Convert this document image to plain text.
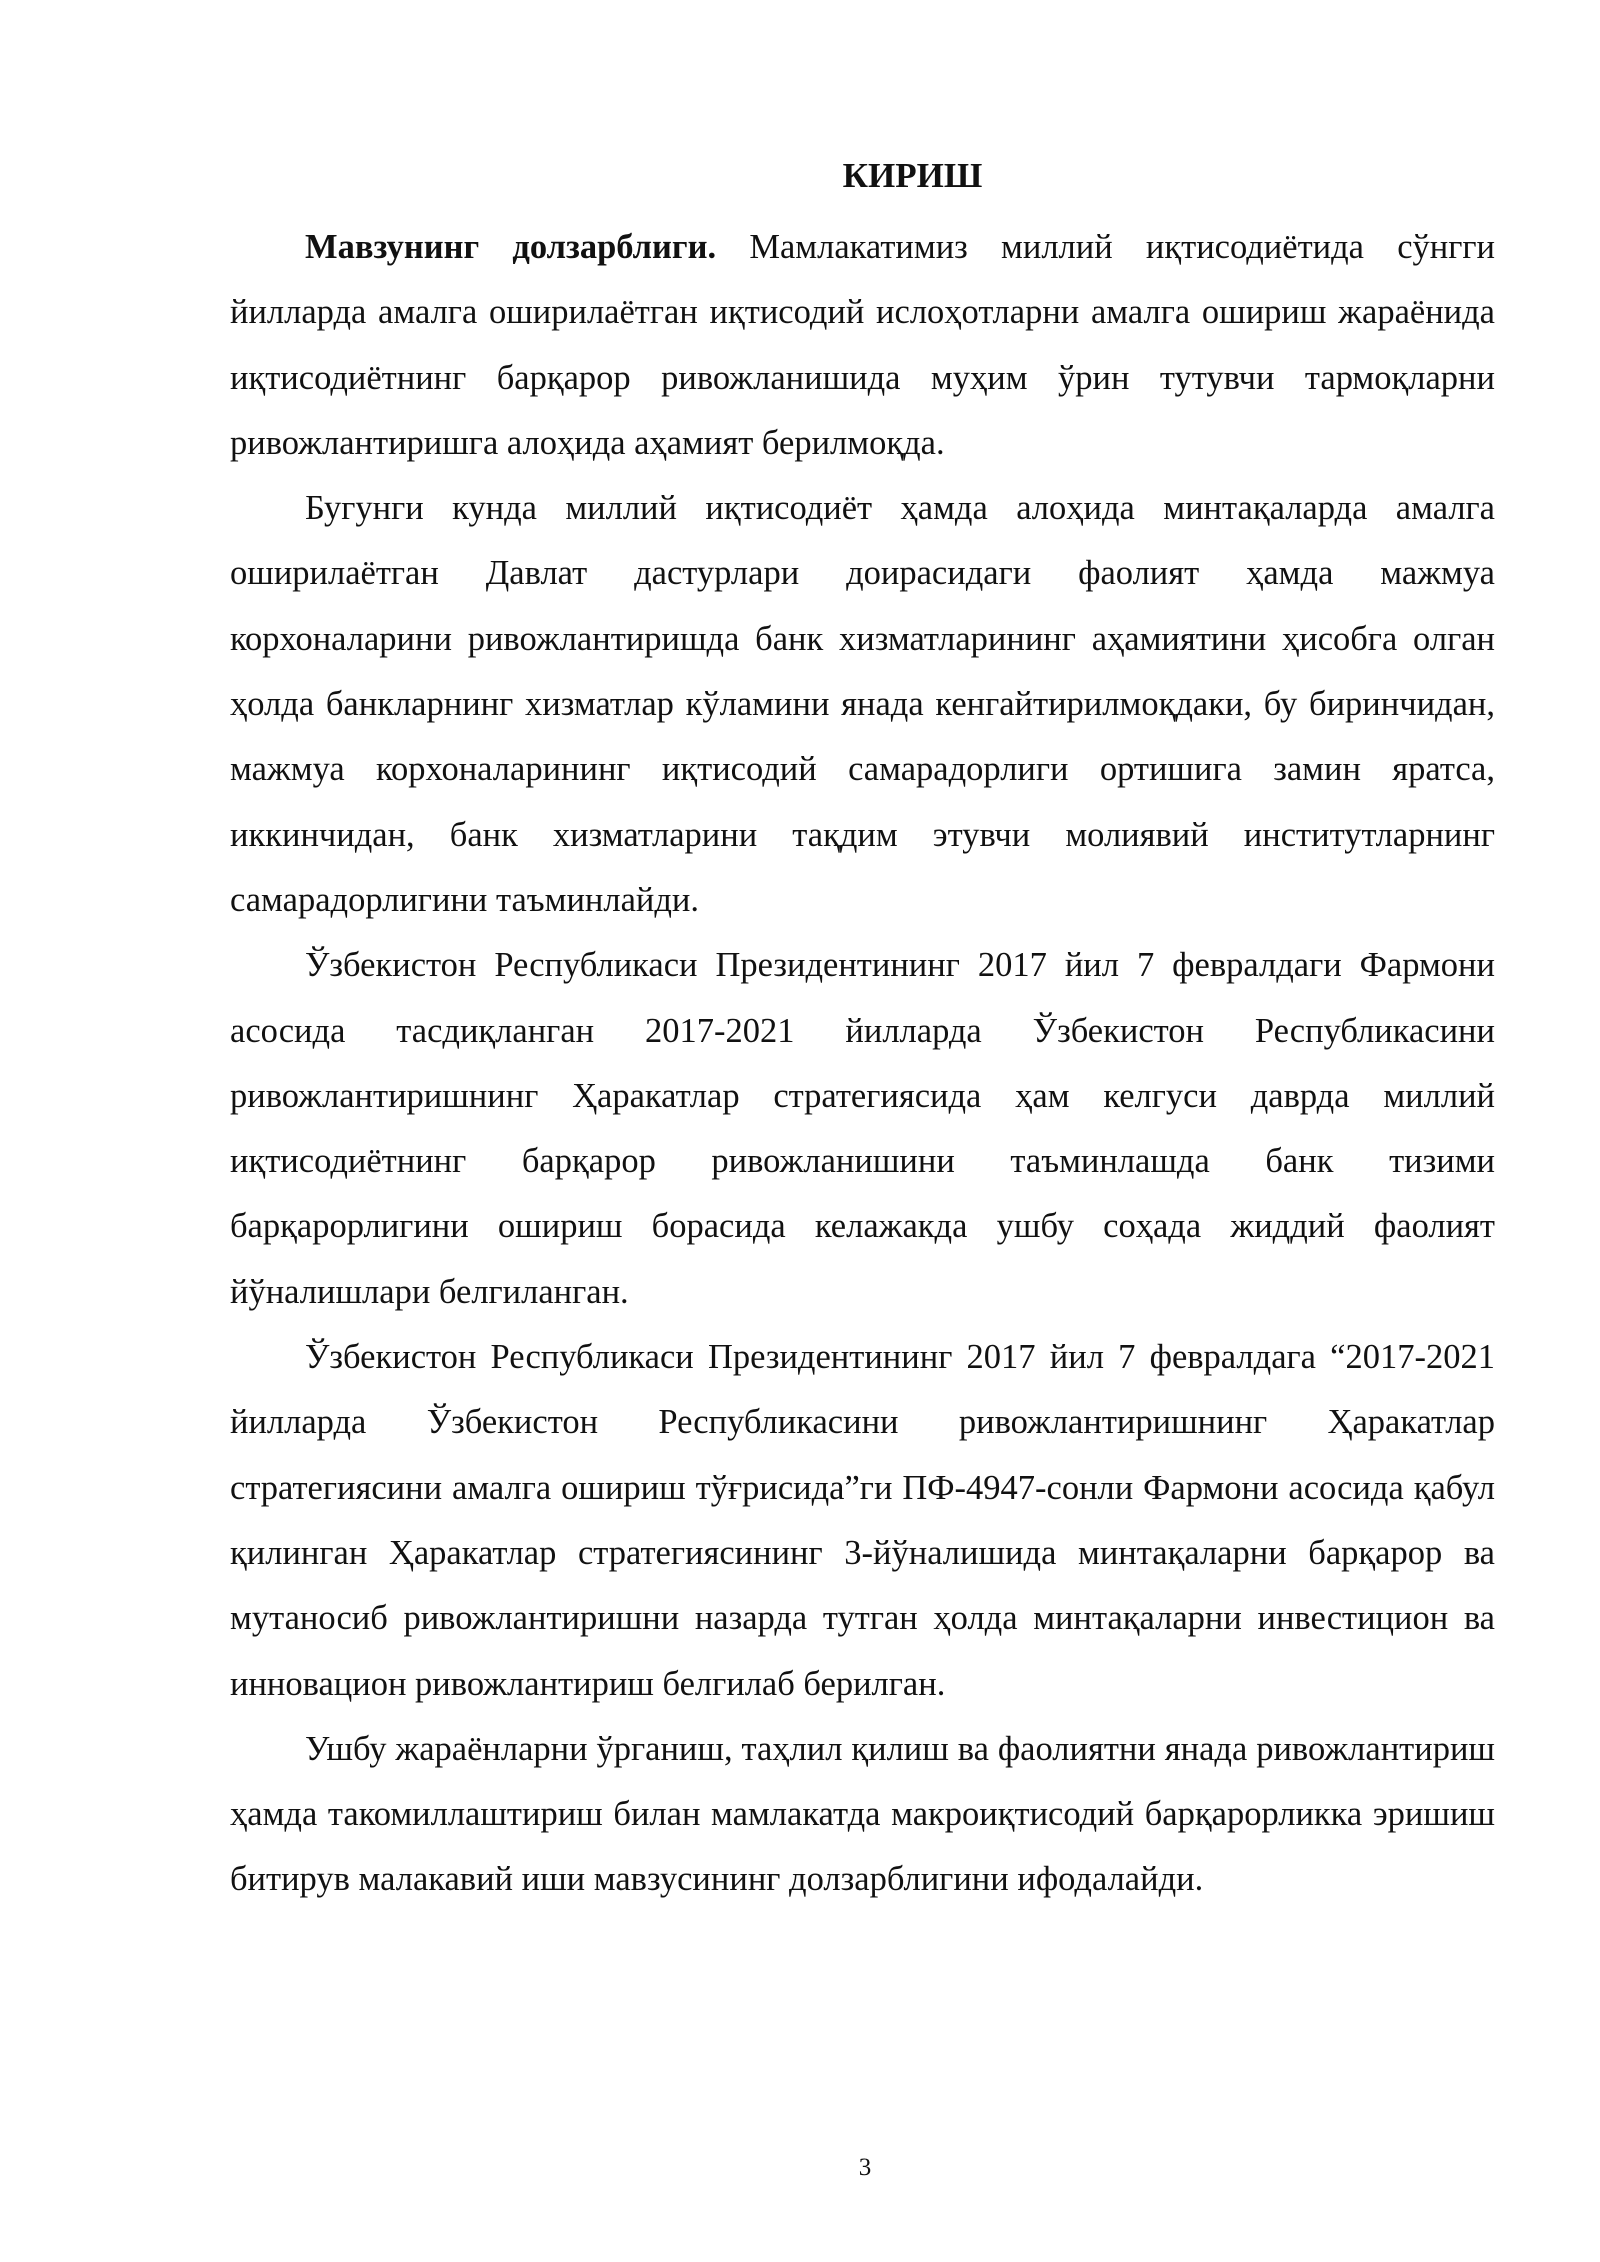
КИРИШ

Мавзунинг долзарблиги. Мамлакатимиз миллий иқтисодиётида сўнгги йилларда амалга оширилаётган иқтисодий ислоҳотларни амалга ошириш жараёнида иқтисодиётнинг барқарор ривожланишида муҳим ўрин тутувчи тармоқларни ривожлантиришга алоҳида аҳамият берилмоқда.

Бугунги кунда миллий иқтисодиёт ҳамда алоҳида минтақаларда амалга оширилаётган Давлат дастурлари доирасидаги фаолият ҳамда мажмуа корхоналарини ривожлантиришда банк хизматларининг аҳамиятини ҳисобга олган ҳолда банкларнинг хизматлар кўламини янада кенгайтирилмоқдаки, бу биринчидан, мажмуа корхоналарининг иқтисодий самарадорлиги ортишига замин яратса, иккинчидан, банк хизматларини тақдим этувчи молиявий институтларнинг самарадорлигини таъминлайди.

Ўзбекистон Республикаси Президентининг 2017 йил 7 февралдаги Фармони асосида тасдиқланган 2017-2021 йилларда Ўзбекистон Республикасини ривожлантиришнинг Ҳаракатлар стратегиясида ҳам келгуси даврда миллий иқтисодиётнинг барқарор ривожланишини таъминлашда банк тизими барқарорлигини ошириш борасида келажакда ушбу соҳада жиддий фаолият йўналишлари белгиланган.

Ўзбекистон Республикаси Президентининг 2017 йил 7 февралдага “2017-2021 йилларда Ўзбекистон Республикасини ривожлантиришнинг Ҳаракатлар стратегиясини амалга ошириш тўғрисида”ги ПФ-4947-сонли Фармони асосида қабул қилинган Ҳаракатлар стратегиясининг 3-йўналишида минтақаларни барқарор ва мутаносиб ривожлантиришни назарда тутган ҳолда минтақаларни инвестицион ва инновацион ривожлантириш белгилаб берилган.

Ушбу жараёнларни ўрганиш, таҳлил қилиш ва фаолиятни янада ривожлантириш ҳамда такомиллаштириш билан мамлакатда макроиқтисодий барқарорликка эришиш битирув малакавий иши мавзусининг долзарблигини ифодалайди.

3
